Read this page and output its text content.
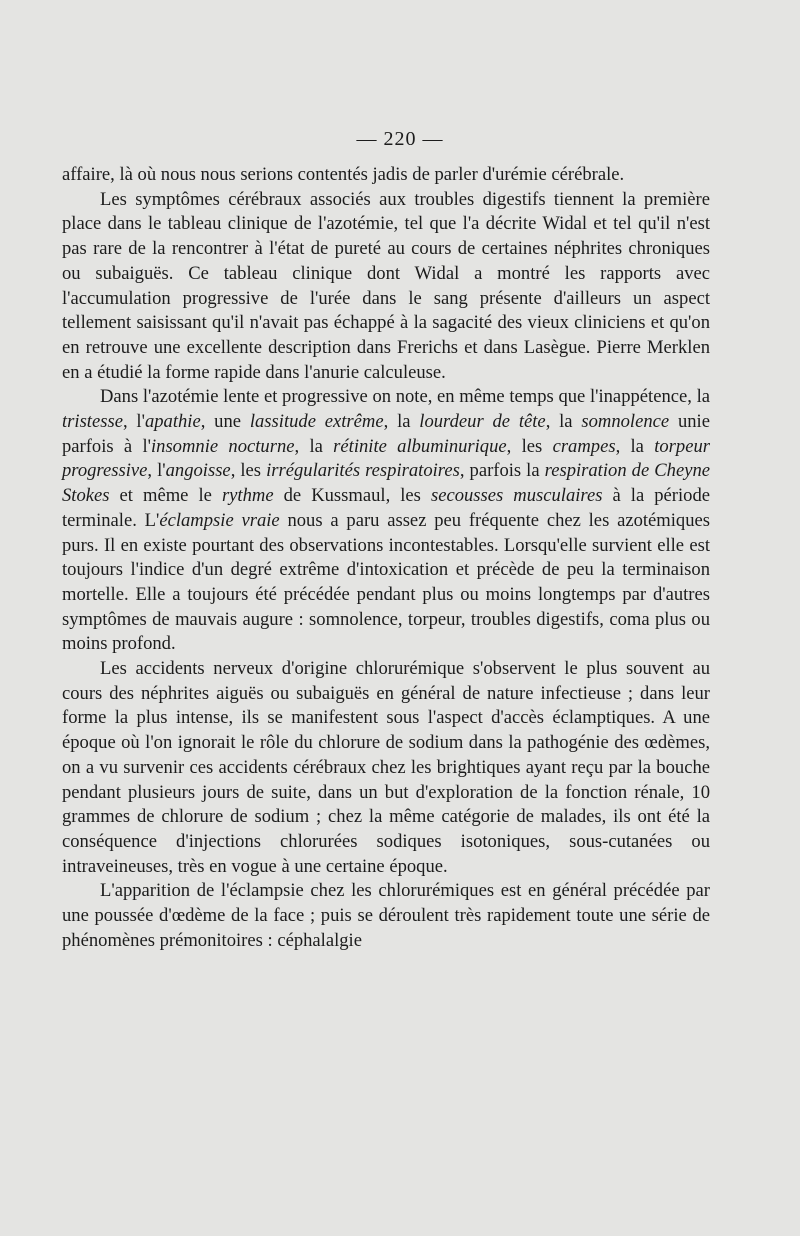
— 220 —

affaire, là où nous nous serions contentés jadis de parler d'urémie cérébrale.

Les symptômes cérébraux associés aux troubles digestifs tiennent la première place dans le tableau clinique de l'azotémie, tel que l'a décrite Widal et tel qu'il n'est pas rare de la rencontrer à l'état de pureté au cours de certaines néphrites chroniques ou subaiguës. Ce tableau clinique dont Widal a montré les rapports avec l'accumulation progressive de l'urée dans le sang présente d'ailleurs un aspect tellement saisissant qu'il n'avait pas échappé à la sagacité des vieux cliniciens et qu'on en retrouve une excellente description dans Frerichs et dans Lasègue. Pierre Merklen en a étudié la forme rapide dans l'anurie calculeuse.

Dans l'azotémie lente et progressive on note, en même temps que l'inappétence, la tristesse, l'apathie, une lassitude extrême, la lourdeur de tête, la somnolence unie parfois à l'insomnie nocturne, la rétinite albuminurique, les crampes, la torpeur progressive, l'angoisse, les irrégularités respiratoires, parfois la respiration de Cheyne Stokes et même le rythme de Kussmaul, les secousses musculaires à la période terminale. L'éclampsie vraie nous a paru assez peu fréquente chez les azotémiques purs. Il en existe pourtant des observations incontestables. Lorsqu'elle survient elle est toujours l'indice d'un degré extrême d'intoxication et précède de peu la terminaison mortelle. Elle a toujours été précédée pendant plus ou moins longtemps par d'autres symptômes de mauvais augure : somnolence, torpeur, troubles digestifs, coma plus ou moins profond.

Les accidents nerveux d'origine chlorurémique s'observent le plus souvent au cours des néphrites aiguës ou subaiguës en général de nature infectieuse ; dans leur forme la plus intense, ils se manifestent sous l'aspect d'accès éclamptiques. A une époque où l'on ignorait le rôle du chlorure de sodium dans la pathogénie des œdèmes, on a vu survenir ces accidents cérébraux chez les brightiques ayant reçu par la bouche pendant plusieurs jours de suite, dans un but d'exploration de la fonction rénale, 10 grammes de chlorure de sodium ; chez la même catégorie de malades, ils ont été la conséquence d'injections chlorurées sodiques isotoniques, sous-cutanées ou intraveineuses, très en vogue à une certaine époque.

L'apparition de l'éclampsie chez les chlorurémiques est en général précédée par une poussée d'œdème de la face ; puis se déroulent très rapidement toute une série de phénomènes prémonitoires : céphalalgie
